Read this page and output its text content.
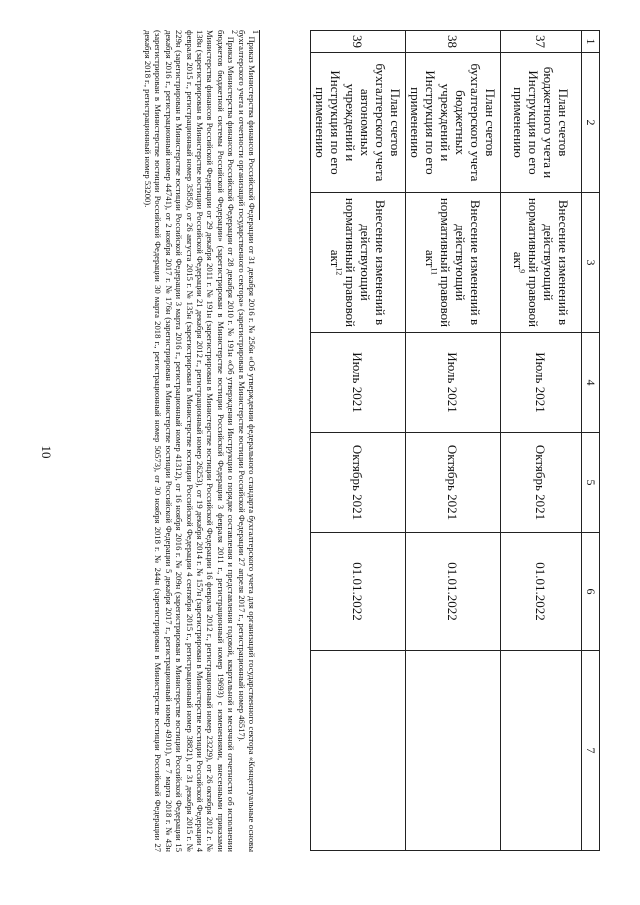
10
1	2	3	4	5	6	7
37	План счетов бюджетного учета и Инструкция по его применению	Внесение изменений в действующий нормативный правовой акт$^9$	Июль 2021	Октябрь 2021	01.01.2022	
38	План счетов бухгалтерского учета бюджетных учреждений и Инструкция по его применению	Внесение изменений в действующий нормативный правовой акт$^{11}$	Июль 2021	Октябрь 2021	01.01.2022	
39	План счетов бухгалтерского учета автономных учреждений и Инструкция по его применению	Внесение изменений в действующий нормативный правовой акт$^{12}$	Июль 2021	Октябрь 2021	01.01.2022	

$^1$ Приказ Министерства финансов Российской Федерации от 31 декабря 2016 г. № 256н «Об утверждении федерального стандарта бухгалтерского учета для организаций государственного сектора «Концептуальные основы бухгалтерского учета и отчетности организаций государственного сектора» (зарегистрирован в Министерстве юстиции Российской Федерации 27 апреля 2017 г., регистрационный номер 46517).

$^2$ Приказ Министерства финансов Российской Федерации от 28 декабря 2010 г. № 191н «Об утверждении Инструкции о порядке составления и представления годовой, квартальной и месячной отчетности об исполнении бюджетов бюджетной системы Российской Федерации» (зарегистрирован в Министерстве юстиции Российской Федерации 3 февраля 2011 г., регистрационный номер 19693) с изменениями, внесенными приказами Министерства финансов Российской Федерации от 29 декабря 2011 г. № 191н (зарегистрирован в Министерстве юстиции Российской Федерации 16 февраля 2012 г., регистрационный номер 23229), от 26 октября 2012 г. № 138н (зарегистрирован в Министерстве юстиции Российской Федерации 21 декабря 2012 г., регистрационный номер 26253), от 19 декабря 2014 г. № 157н (зарегистрирован в Министерстве юстиции Российской Федерации 4 февраля 2015 г., регистрационный номер 35856), от 26 августа 2015 г. № 135н (зарегистрирован в Министерстве юстиции Российской Федерации 4 сентября 2015 г., регистрационный номер 38821), от 31 декабря 2015 г. № 229н (зарегистрирован в Министерстве юстиции Российской Федерации 3 марта 2016 г., регистрационный номер 41312), от 16 ноября 2016 г. № 209н (зарегистрирован в Министерстве юстиции Российской Федерации 15 декабря 2016 г., регистрационный номер 44741), от 2 ноября 2017 г. № 176н (зарегистрирован в Министерстве юстиции Российской Федерации 5 декабря 2017 г., регистрационный номер 49101), от 7 марта 2018 г. № 43н (зарегистрирован в Министерстве юстиции Российской Федерации 30 марта 2018 г., регистрационный номер 50573), от 30 ноября 2018 г. № 244н (зарегистрирован в Министерстве юстиции Российской Федерации 27 декабря 2018 г., регистрационный номер 53200).
